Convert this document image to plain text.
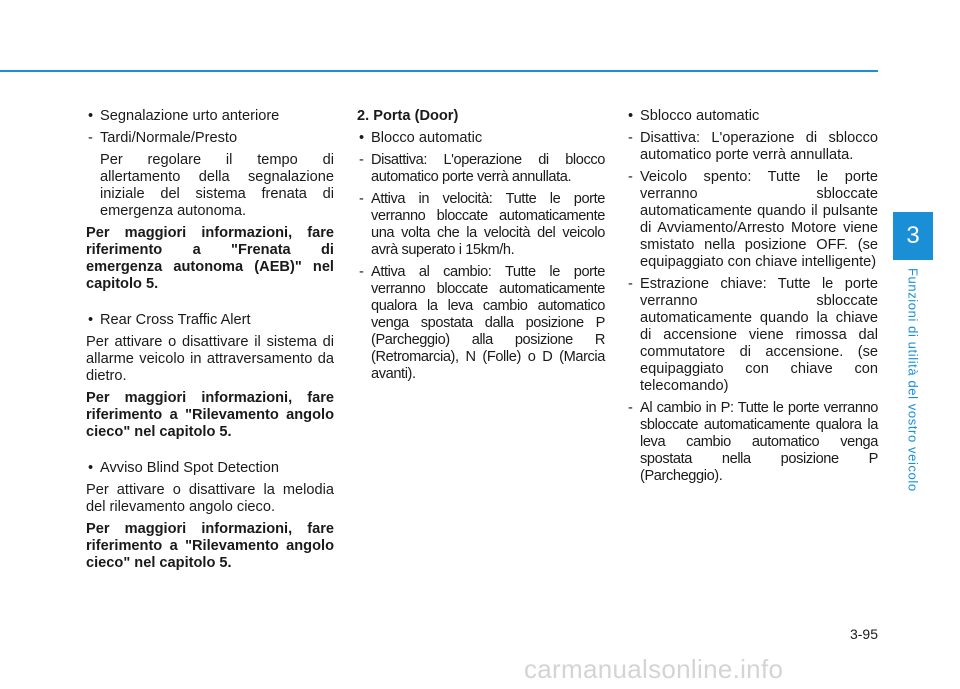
• Segnalazione urto anteriore

- Tardi/Normale/Presto

Per regolare il tempo di allertamento della segnalazione iniziale del sistema frenata di emergenza autonoma.

Per maggiori informazioni, fare riferimento a "Frenata di emergenza autonoma (AEB)" nel capitolo 5.

• Rear Cross Traffic Alert

Per attivare o disattivare il sistema di allarme veicolo in attraversamento da dietro.

Per maggiori informazioni, fare riferimento a "Rilevamento angolo cieco" nel capitolo 5.

• Avviso Blind Spot Detection

Per attivare o disattivare la melodia del rilevamento angolo cieco.

Per maggiori informazioni, fare riferimento a "Rilevamento angolo cieco" nel capitolo 5.

2. Porta (Door)

• Blocco automatic

- Disattiva: L'operazione di blocco automatico porte verrà annullata.

- Attiva in velocità: Tutte le porte verranno bloccate automaticamente una volta che la velocità del veicolo avrà superato i 15km/h.

- Attiva al cambio: Tutte le porte verranno bloccate automaticamente qualora la leva cambio automatico venga spostata dalla posizione P (Parcheggio) alla posizione R (Retromarcia), N (Folle) o D (Marcia avanti).

• Sblocco automatic

- Disattiva: L'operazione di sblocco automatico porte verrà annullata.

- Veicolo spento: Tutte le porte verranno sbloccate automaticamente quando il pulsante di Avviamento/Arresto Motore viene smistato nella posizione OFF. (se equipaggiato con chiave intelligente)

- Estrazione chiave: Tutte le porte verranno sbloccate automaticamente quando la chiave di accensione viene rimossa dal commutatore di accensione. (se equipaggiato con chiave con telecomando)

- Al cambio in P: Tutte le porte verranno sbloccate automaticamente qualora la leva cambio automatico venga spostata nella posizione P (Parcheggio).

3
Funzioni di utilità del vostro veicolo
3-95
carmanualsonline.info
